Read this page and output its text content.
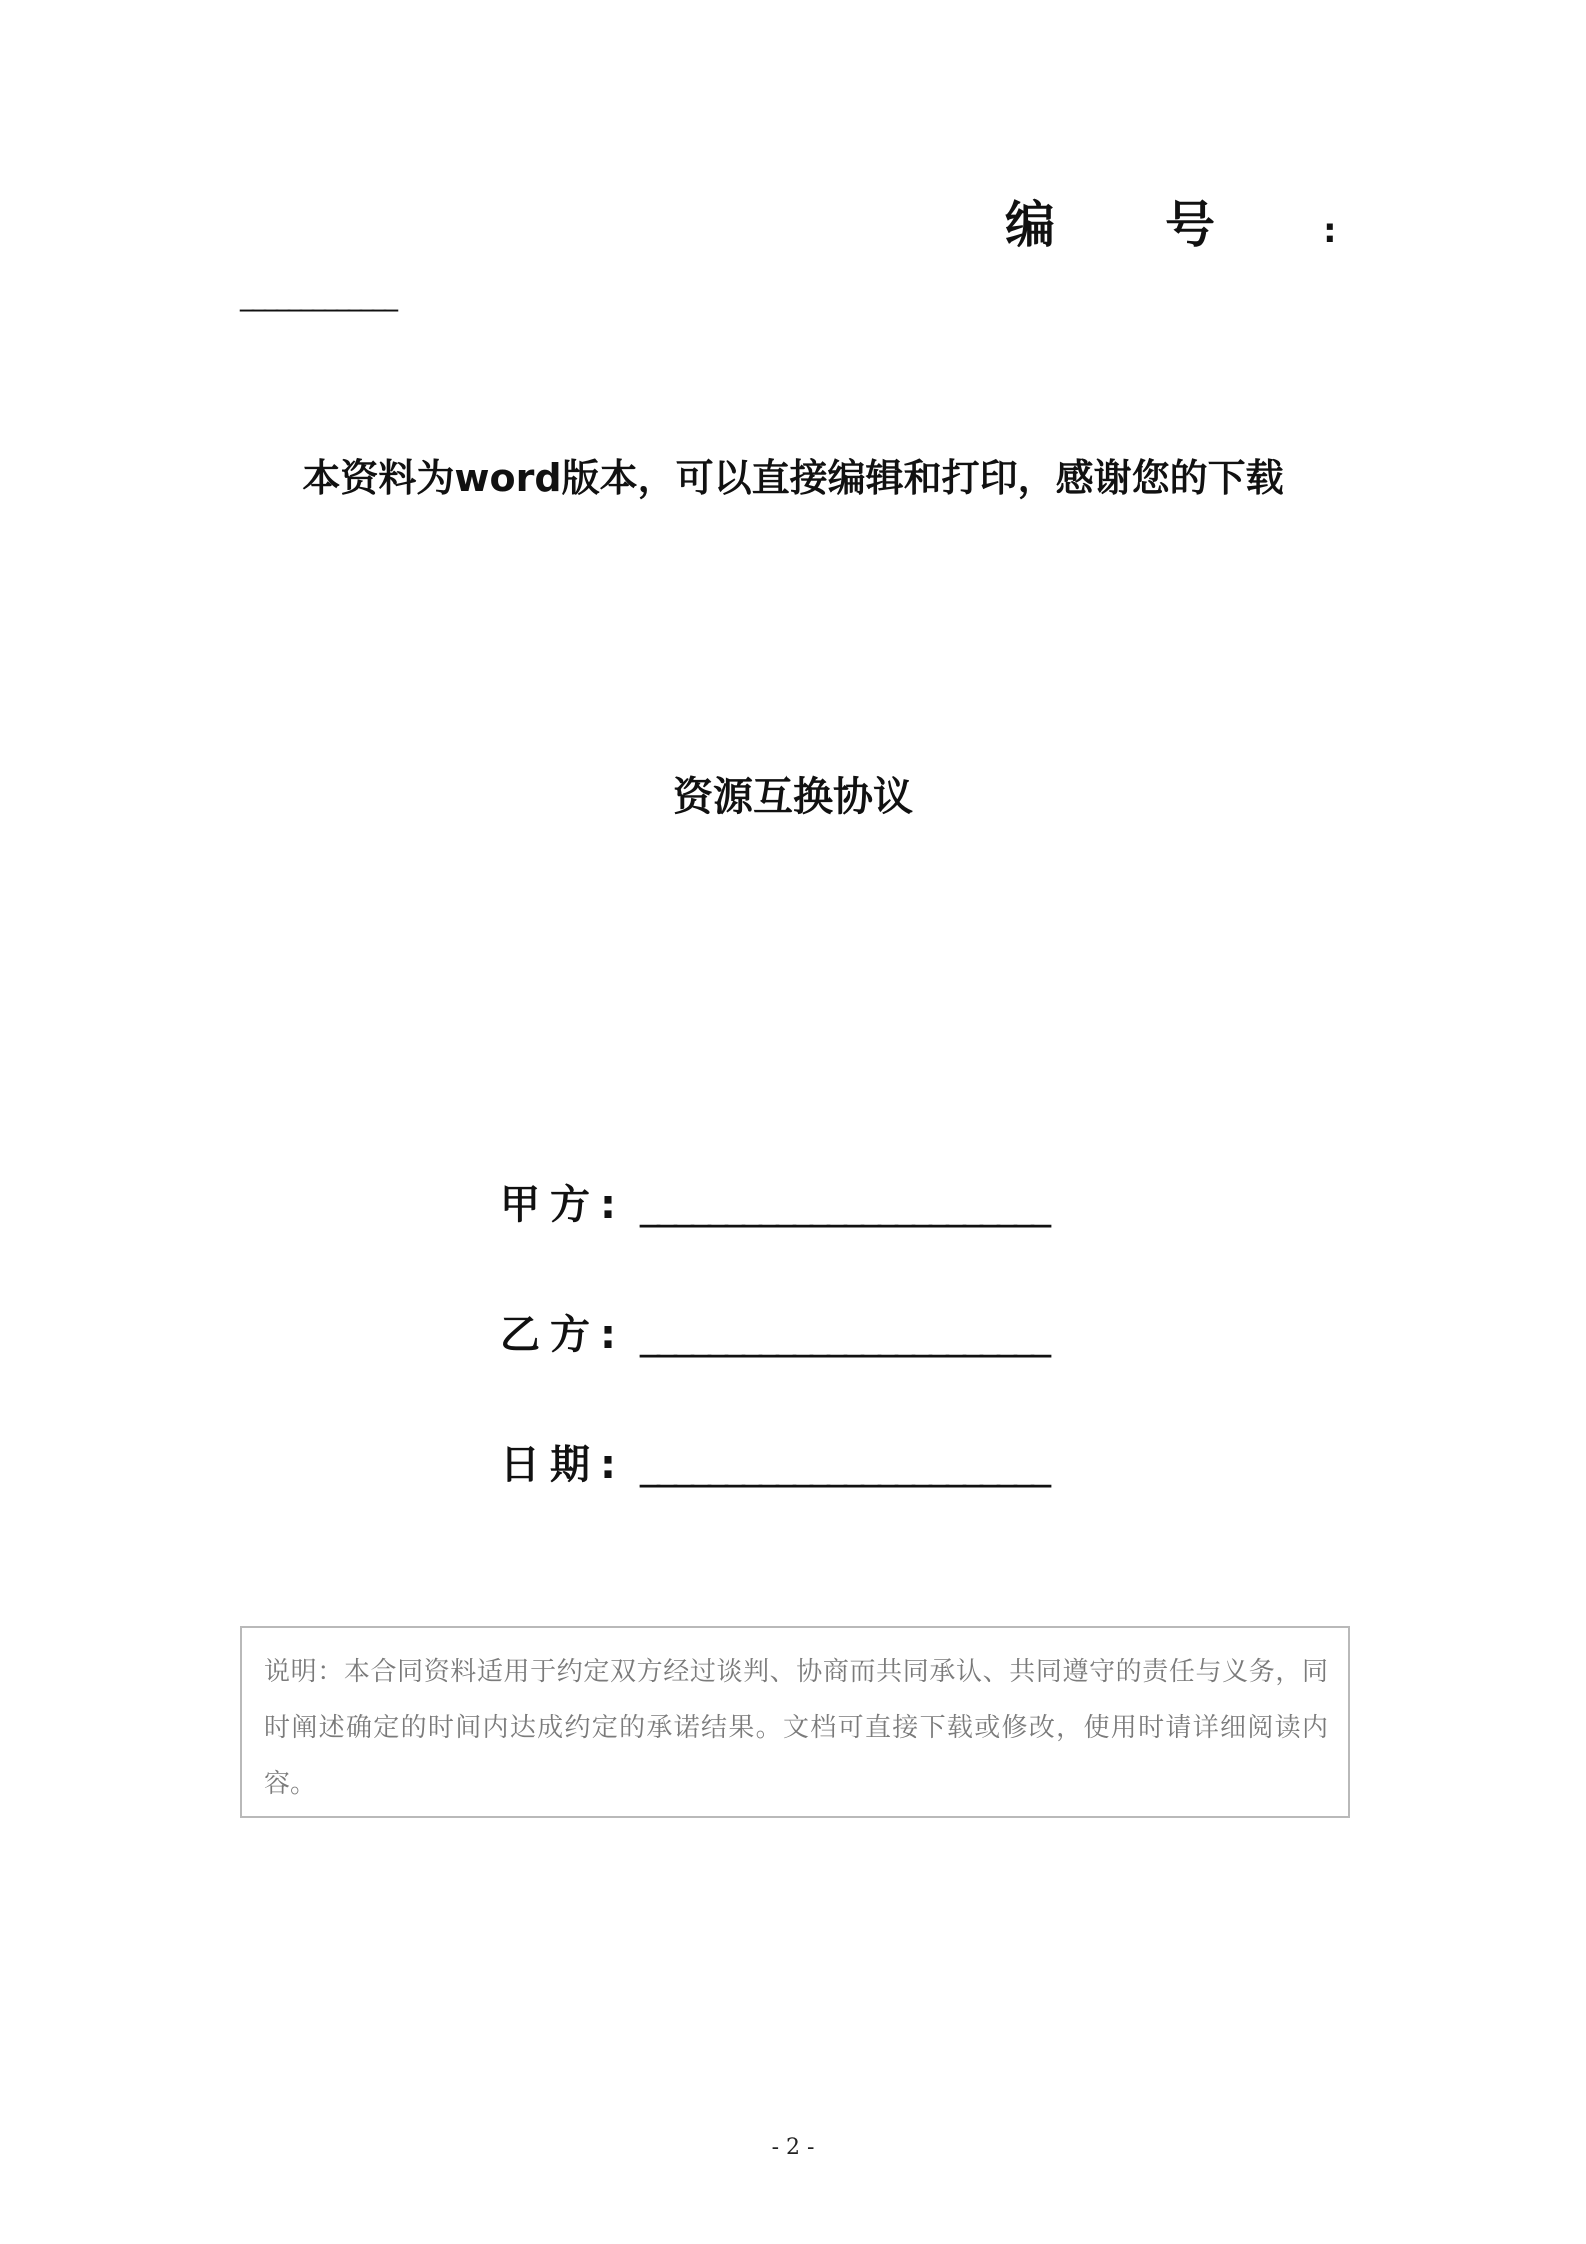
编 号	:
_____________
本资料为word版本，可以直接编辑和打印，感谢您的下载
资源互换协议
甲方: ________________________
乙方: ________________________
日期: ________________________

说明：本合同资料适用于约定双方经过谈判、协商而共同承认、共同遵守的责任与义务，同时阐述确定的时间内达成约定的承诺结果。文档可直接下载或修改，使用时请详细阅读内容。

- 2 -
